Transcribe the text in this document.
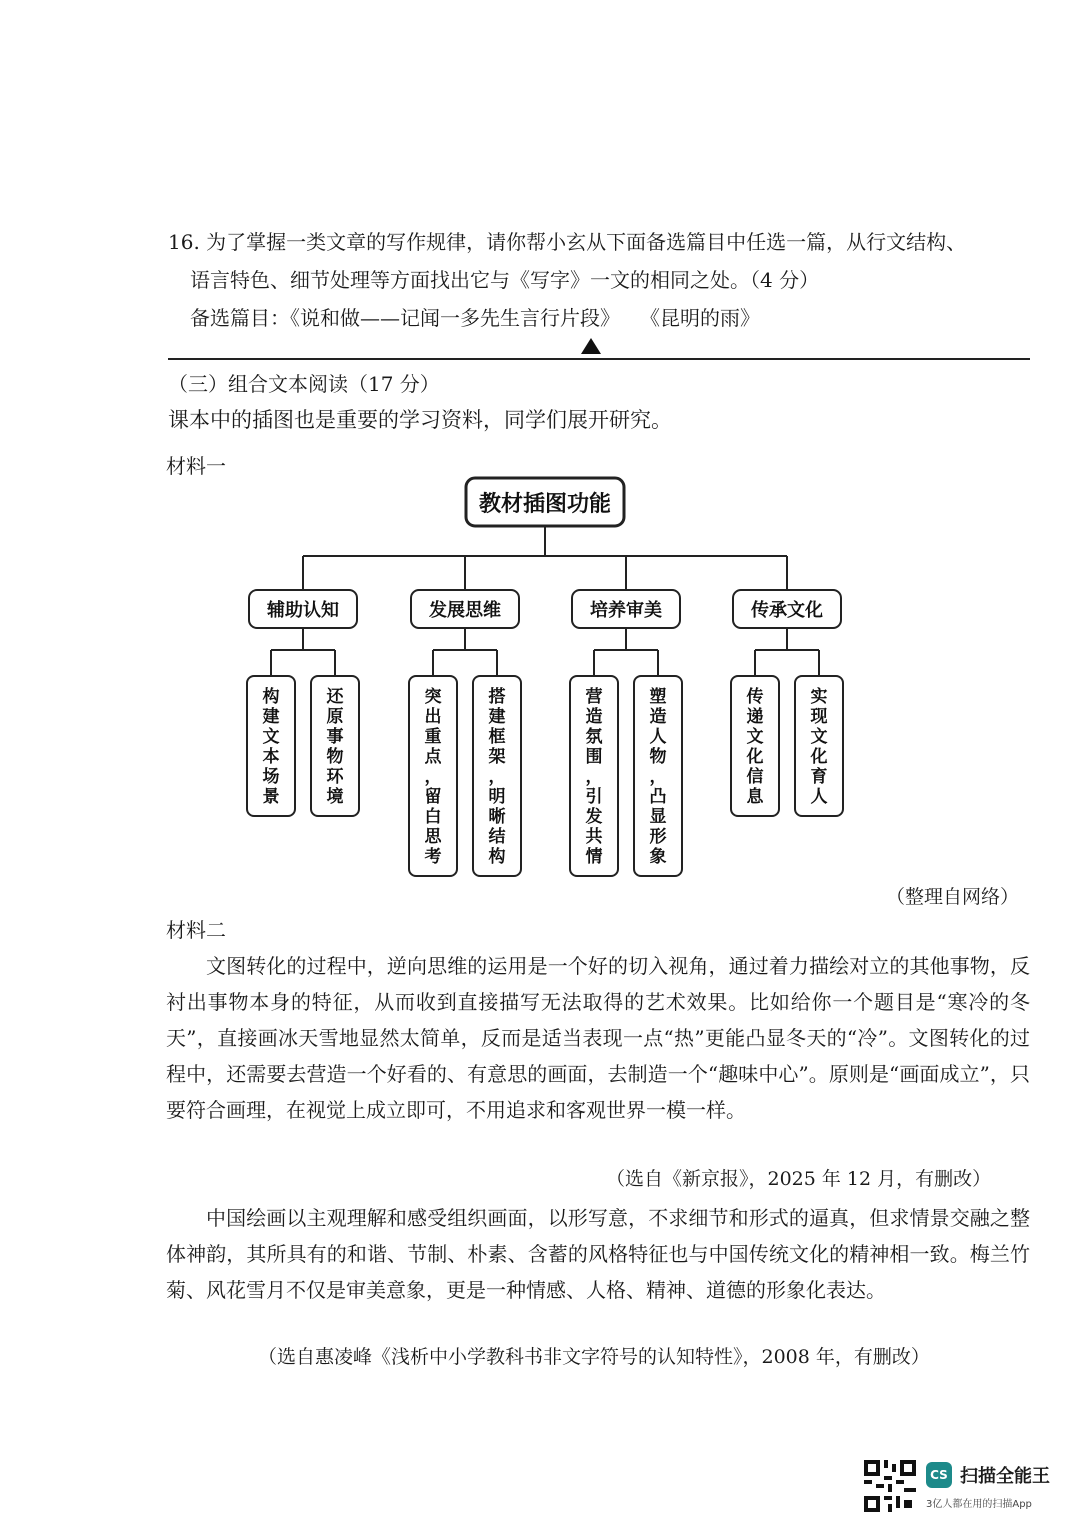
16. 为了掌握一类文章的写作规律，请你帮小玄从下面备选篇目中任选一篇，从行文结构、
语言特色、细节处理等方面找出它与《写字》一文的相同之处。（4 分）
备选篇目：《说和做——记闻一多先生言行片段》 《昆明的雨》
（三）组合文本阅读（17 分）
课本中的插图也是重要的学习资料，同学们展开研究。
材料一
教材插图功能
辅助认知	发展思维	培养审美	传承文化
构建文本场景
还原事物环境
突出重点，留白思考
搭建框架，明晰结构
营造氛围，引发共情
塑造人物，凸显形象
传递文化信息
实现文化育人
（整理自网络）
材料二

文图转化的过程中，逆向思维的运用是一个好的切入视角，通过着力描绘对立的其他事物，反衬出事物本身的特征，从而收到直接描写无法取得的艺术效果。比如给你一个题目是“寒冷的冬天”，直接画冰天雪地显然太简单，反而是适当表现一点“热”更能凸显冬天的“冷”。文图转化的过程中，还需要去营造一个好看的、有意思的画面，去制造一个“趣味中心”。原则是“画面成立”，只要符合画理，在视觉上成立即可，不用追求和客观世界一模一样。

（选自《新京报》，2025 年 12 月，有删改）

中国绘画以主观理解和感受组织画面，以形写意，不求细节和形式的逼真，但求情景交融之整体神韵，其所具有的和谐、节制、朴素、含蓄的风格特征也与中国传统文化的精神相一致。梅兰竹菊、风花雪月不仅是审美意象，更是一种情感、人格、精神、道德的形象化表达。

（选自惠凌峰《浅析中小学教科书非文字符号的认知特性》，2008 年，有删改）
CS 扫描全能王
3亿人都在用的扫描App
